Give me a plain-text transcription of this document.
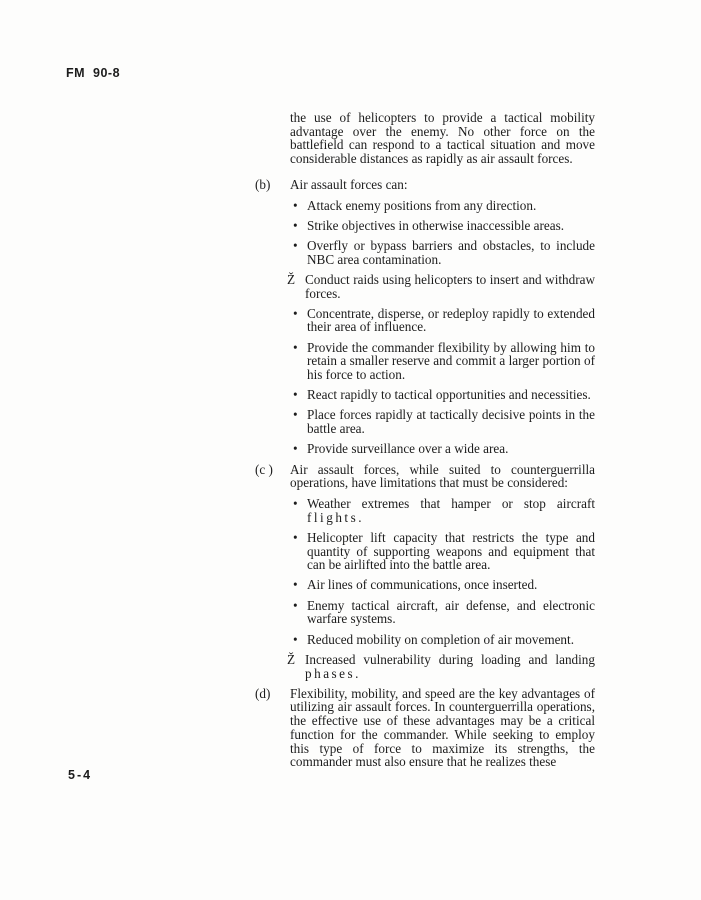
FM 90-8

the use of helicopters to provide a tactical mobility advantage over the enemy. No other force on the battlefield can respond to a tactical situation and move considerable distances as rapidly as air assault forces.

(b)	Air assault forces can:

• Attack enemy positions from any direction.

• Strike objectives in otherwise inaccessible areas.

• Overfly or bypass barriers and obstacles, to include NBC area contamination.

Ž Conduct raids using helicopters to insert and withdraw forces.

• Concentrate, disperse, or redeploy rapidly to extended their area of influence.

• Provide the commander flexibility by allowing him to retain a smaller reserve and commit a larger portion of his force to action.

• React rapidly to tactical opportunities and necessities.

• Place forces rapidly at tactically decisive points in the battle area.

• Provide surveillance over a wide area.

(c )	Air assault forces, while suited to counterguerrilla operations, have limitations that must be considered:

• Weather extremes that hamper or stop aircraft flights.

• Helicopter lift capacity that restricts the type and quantity of supporting weapons and equipment that can be airlifted into the battle area.

• Air lines of communications, once inserted.

• Enemy tactical aircraft, air defense, and electronic warfare systems.

• Reduced mobility on completion of air movement.

Ž Increased vulnerability during loading and landing phases.

(d)	Flexibility, mobility, and speed are the key advantages of utilizing air assault forces. In counterguerrilla operations, the effective use of these advantages may be a critical function for the commander. While seeking to employ this type of force to maximize its strengths, the commander must also ensure that he realizes these

5-4
